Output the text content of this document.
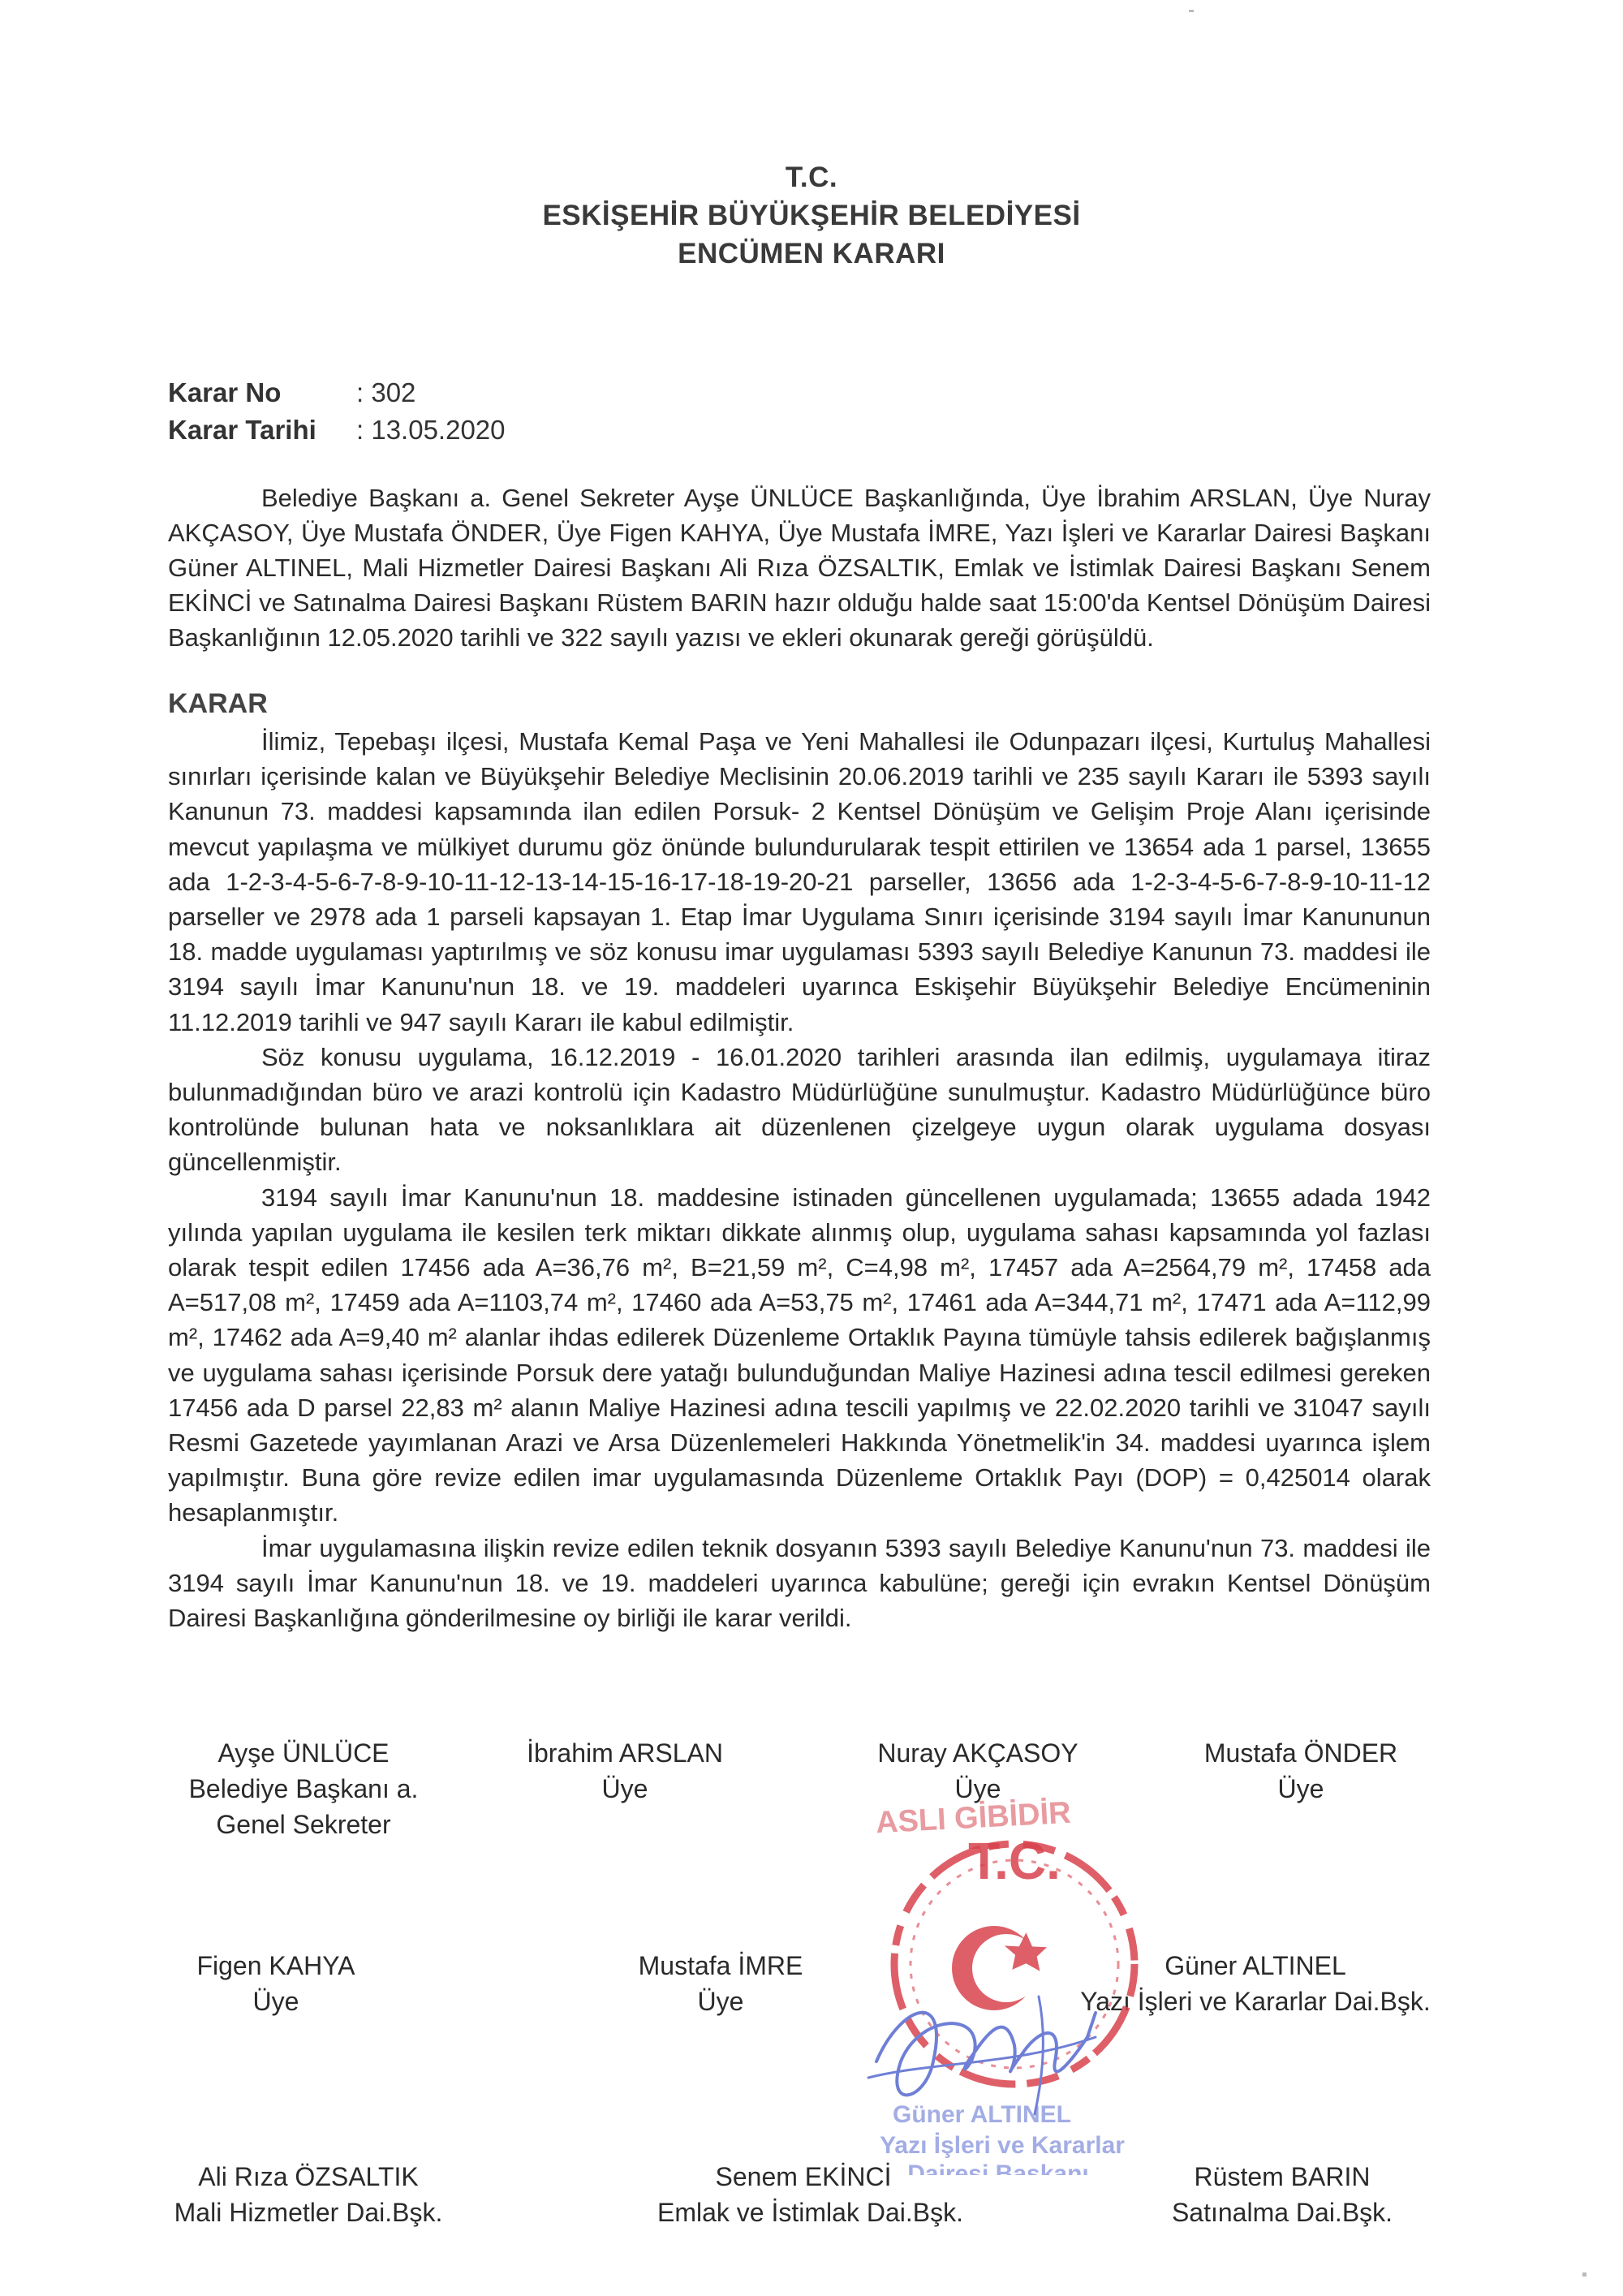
T.C.
ESKİŞEHİR BÜYÜKŞEHİR BELEDİYESİ
ENCÜMEN KARARI
Karar No	: 302
Karar Tarihi	: 13.05.2020

Belediye Başkanı a. Genel Sekreter Ayşe ÜNLÜCE Başkanlığında, Üye İbrahim ARSLAN, Üye Nuray AKÇASOY, Üye Mustafa ÖNDER, Üye Figen KAHYA, Üye Mustafa İMRE, Yazı İşleri ve Kararlar Dairesi Başkanı Güner ALTINEL, Mali Hizmetler Dairesi Başkanı Ali Rıza ÖZSALTIK, Emlak ve İstimlak Dairesi Başkanı Senem EKİNCİ ve Satınalma Dairesi Başkanı Rüstem BARIN hazır olduğu halde saat 15:00'da Kentsel Dönüşüm Dairesi Başkanlığının 12.05.2020 tarihli ve 322 sayılı yazısı ve ekleri okunarak gereği görüşüldü.

KARAR

İlimiz, Tepebaşı ilçesi, Mustafa Kemal Paşa ve Yeni Mahallesi ile Odunpazarı ilçesi, Kurtuluş Mahallesi sınırları içerisinde kalan ve Büyükşehir Belediye Meclisinin 20.06.2019 tarihli ve 235 sayılı Kararı ile 5393 sayılı Kanunun 73. maddesi kapsamında ilan edilen Porsuk- 2 Kentsel Dönüşüm ve Gelişim Proje Alanı içerisinde mevcut yapılaşma ve mülkiyet durumu göz önünde bulundurularak tespit ettirilen ve 13654 ada 1 parsel, 13655 ada 1-2-3-4-5-6-7-8-9-10-11-12-13-14-15-16-17-18-19-20-21 parseller, 13656 ada 1-2-3-4-5-6-7-8-9-10-11-12 parseller ve 2978 ada 1 parseli kapsayan 1. Etap İmar Uygulama Sınırı içerisinde 3194 sayılı İmar Kanununun 18. madde uygulaması yaptırılmış ve söz konusu imar uygulaması 5393 sayılı Belediye Kanunun 73. maddesi ile 3194 sayılı İmar Kanunu'nun 18. ve 19. maddeleri uyarınca Eskişehir Büyükşehir Belediye Encümeninin 11.12.2019 tarihli ve 947 sayılı Kararı ile kabul edilmiştir.

Söz konusu uygulama, 16.12.2019 - 16.01.2020 tarihleri arasında ilan edilmiş, uygulamaya itiraz bulunmadığından büro ve arazi kontrolü için Kadastro Müdürlüğüne sunulmuştur. Kadastro Müdürlüğünce büro kontrolünde bulunan hata ve noksanlıklara ait düzenlenen çizelgeye uygun olarak uygulama dosyası güncellenmiştir.

3194 sayılı İmar Kanunu'nun 18. maddesine istinaden güncellenen uygulamada; 13655 adada 1942 yılında yapılan uygulama ile kesilen terk miktarı dikkate alınmış olup, uygulama sahası kapsamında yol fazlası olarak tespit edilen 17456 ada A=36,76 m², B=21,59 m², C=4,98 m², 17457 ada A=2564,79 m², 17458 ada A=517,08 m², 17459 ada A=1103,74 m², 17460 ada A=53,75 m², 17461 ada A=344,71 m², 17471 ada A=112,99 m², 17462 ada A=9,40 m² alanlar ihdas edilerek Düzenleme Ortaklık Payına tümüyle tahsis edilerek bağışlanmış ve uygulama sahası içerisinde Porsuk dere yatağı bulunduğundan Maliye Hazinesi adına tescil edilmesi gereken 17456 ada D parsel 22,83 m² alanın Maliye Hazinesi adına tescili yapılmış ve 22.02.2020 tarihli ve 31047 sayılı Resmi Gazetede yayımlanan Arazi ve Arsa Düzenlemeleri Hakkında Yönetmelik'in 34. maddesi uyarınca işlem yapılmıştır. Buna göre revize edilen imar uygulamasında Düzenleme Ortaklık Payı (DOP) = 0,425014 olarak hesaplanmıştır.

İmar uygulamasına ilişkin revize edilen teknik dosyanın 5393 sayılı Belediye Kanunu'nun 73. maddesi ile 3194 sayılı İmar Kanunu'nun 18. ve 19. maddeleri uyarınca kabulüne; gereği için evrakın Kentsel Dönüşüm Dairesi Başkanlığına gönderilmesine oy birliği ile karar verildi.

Ayşe ÜNLÜCE
Belediye Başkanı a.
Genel Sekreter
İbrahim ARSLAN
Üye
Nuray AKÇASOY
Üye
Mustafa ÖNDER
Üye
Figen KAHYA
Üye
Mustafa İMRE
Üye
Güner ALTINEL
Yazı İşleri ve Kararlar Dai.Bşk.
Ali Rıza ÖZSALTIK
Mali Hizmetler Dai.Bşk.
Senem EKİNCİ
Emlak ve İstimlak Dai.Bşk.
Rüstem BARIN
Satınalma Dai.Bşk.
T.C.
ASLI GİBİDİR
Güner ALTINEL
Yazı İşleri ve Kararlar
Dairesi Başkanı
